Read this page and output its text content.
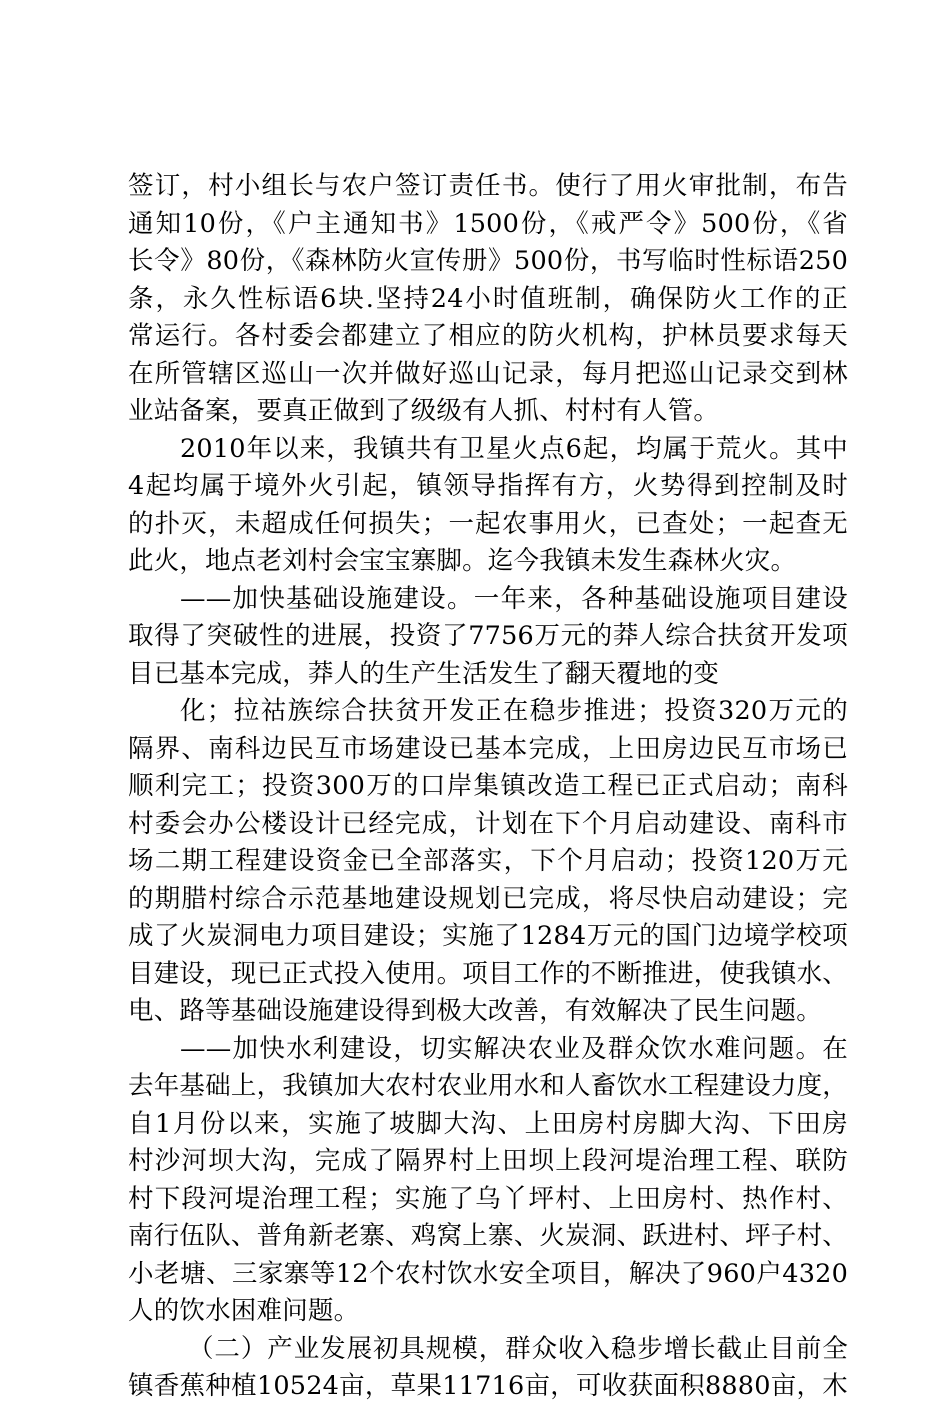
签订，村小组长与农户签订责任书。使行了用火审批制，布告
通知10份，《户主通知书》1500份，《戒严令》500份，《省
长令》80份，《森林防火宣传册》500份，书写临时性标语250
条，永久性标语6块.坚持24小时值班制，确保防火工作的正
常运行。各村委会都建立了相应的防火机构，护林员要求每天
在所管辖区巡山一次并做好巡山记录，每月把巡山记录交到林
业站备案，要真正做到了级级有人抓、村村有人管。
2010年以来，我镇共有卫星火点6起，均属于荒火。其中
4起均属于境外火引起，镇领导指挥有方，火势得到控制及时
的扑灭，未超成任何损失；一起农事用火，已查处；一起查无
此火，地点老刘村会宝宝寨脚。迄今我镇未发生森林火灾。
——加快基础设施建设。一年来，各种基础设施项目建设
取得了突破性的进展，投资了7756万元的莽人综合扶贫开发项
目已基本完成，莽人的生产生活发生了翻天覆地的变
化；拉祜族综合扶贫开发正在稳步推进；投资320万元的
隔界、南科边民互市场建设已基本完成，上田房边民互市场已
顺利完工；投资300万的口岸集镇改造工程已正式启动；南科
村委会办公楼设计已经完成，计划在下个月启动建设、南科市
场二期工程建设资金已全部落实，下个月启动；投资120万元
的期腊村综合示范基地建设规划已完成，将尽快启动建设；完
成了火炭洞电力项目建设；实施了1284万元的国门边境学校项
目建设，现已正式投入使用。项目工作的不断推进，使我镇水、
电、路等基础设施建设得到极大改善，有效解决了民生问题。
——加快水利建设，切实解决农业及群众饮水难问题。在
去年基础上，我镇加大农村农业用水和人畜饮水工程建设力度，
自1月份以来，实施了坡脚大沟、上田房村房脚大沟、下田房
村沙河坝大沟，完成了隔界村上田坝上段河堤治理工程、联防
村下段河堤治理工程；实施了乌丫坪村、上田房村、热作村、
南行伍队、普角新老寨、鸡窝上寨、火炭洞、跃进村、坪子村、
小老塘、三家寨等12个农村饮水安全项目，解决了960户4320
人的饮水困难问题。
（二）产业发展初具规模，群众收入稳步增长截止目前全
镇香蕉种植10524亩，草果11716亩，可收获面积8880亩，木
